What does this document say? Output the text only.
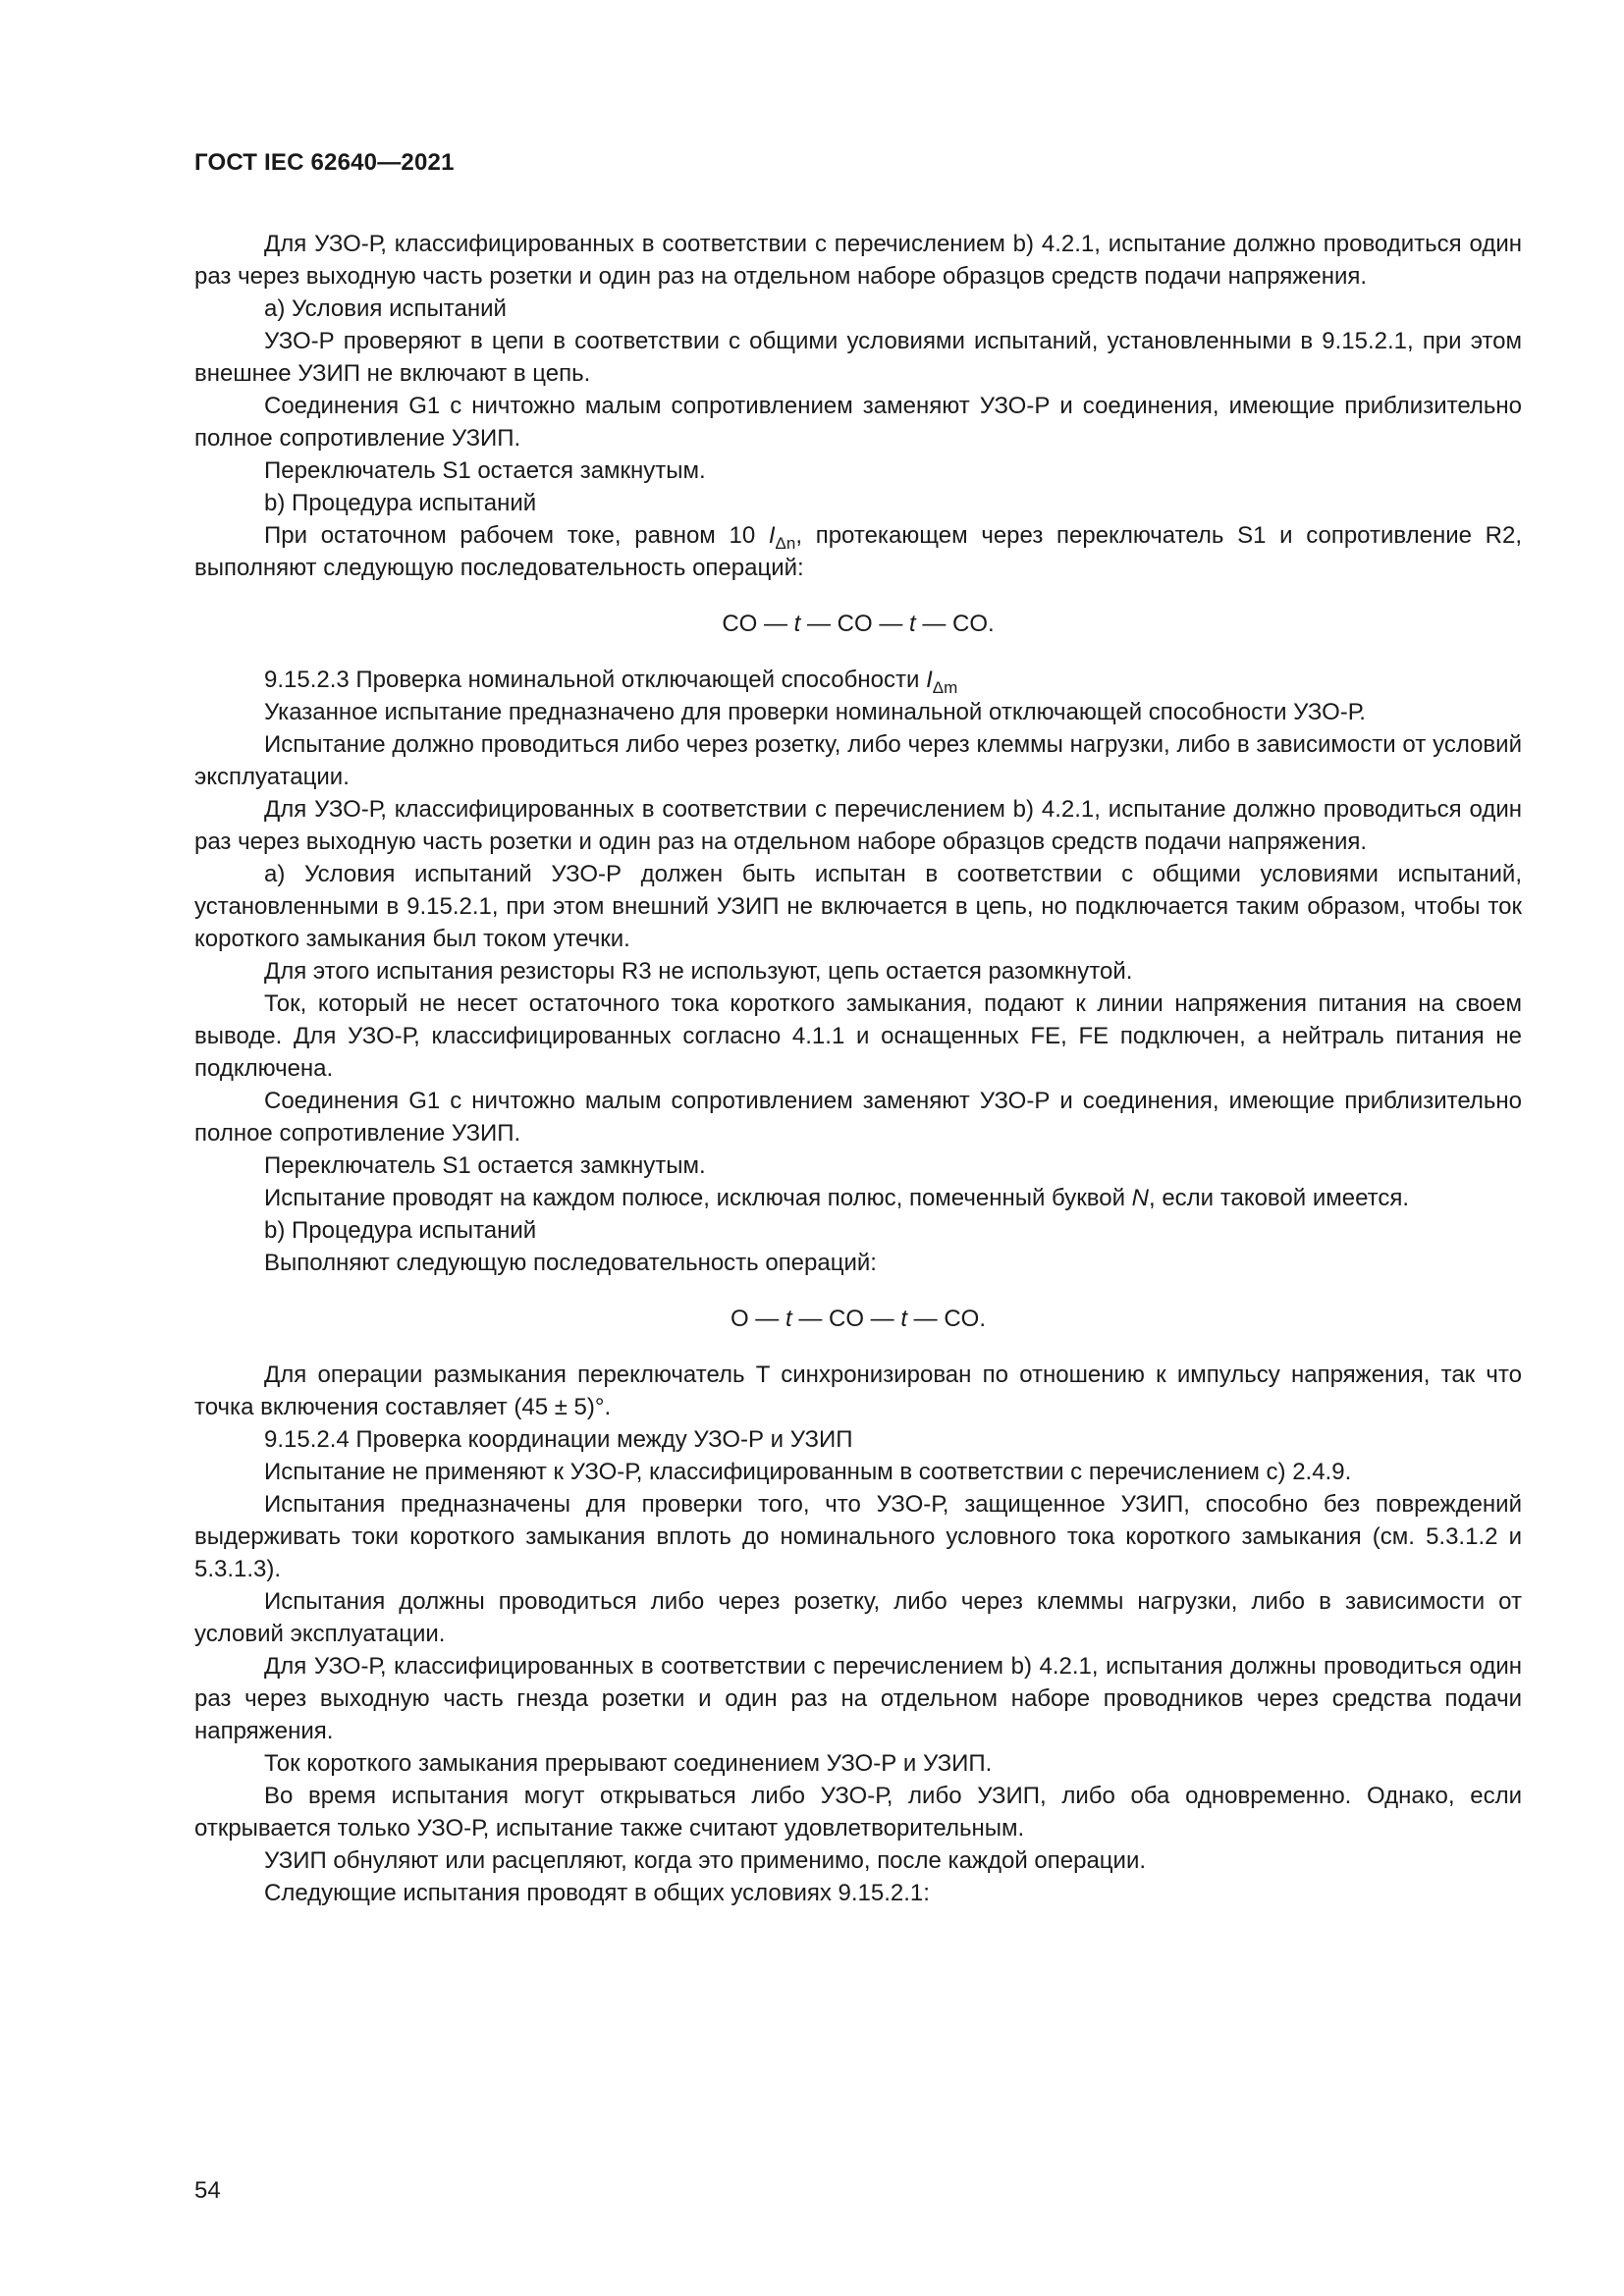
ГОСТ IEC 62640—2021

Для УЗО-Р, классифицированных в соответствии с перечислением b) 4.2.1, испытание должно проводиться один раз через выходную часть розетки и один раз на отдельном наборе образцов средств подачи напряжения.

a) Условия испытаний

УЗО-Р проверяют в цепи в соответствии с общими условиями испытаний, установленными в 9.15.2.1, при этом внешнее УЗИП не включают в цепь.

Соединения G1 с ничтожно малым сопротивлением заменяют УЗО-Р и соединения, имеющие приблизительно полное сопротивление УЗИП.

Переключатель S1 остается замкнутым.

b) Процедура испытаний

При остаточном рабочем токе, равном 10 $I_{\Delta n}$, протекающем через переключатель S1 и сопротивление R2, выполняют следующую последовательность операций:

CO — t — CO — t — CO.

9.15.2.3 Проверка номинальной отключающей способности $I_{\Delta m}$

Указанное испытание предназначено для проверки номинальной отключающей способности УЗО-Р.

Испытание должно проводиться либо через розетку, либо через клеммы нагрузки, либо в зависимости от условий эксплуатации.

Для УЗО-Р, классифицированных в соответствии с перечислением b) 4.2.1, испытание должно проводиться один раз через выходную часть розетки и один раз на отдельном наборе образцов средств подачи напряжения.

a) Условия испытаний УЗО-Р должен быть испытан в соответствии с общими условиями испытаний, установленными в 9.15.2.1, при этом внешний УЗИП не включается в цепь, но подключается таким образом, чтобы ток короткого замыкания был током утечки.

Для этого испытания резисторы R3 не используют, цепь остается разомкнутой.

Ток, который не несет остаточного тока короткого замыкания, подают к линии напряжения питания на своем выводе. Для УЗО-Р, классифицированных согласно 4.1.1 и оснащенных FE, FE подключен, а нейтраль питания не подключена.

Соединения G1 с ничтожно малым сопротивлением заменяют УЗО-Р и соединения, имеющие приблизительно полное сопротивление УЗИП.

Переключатель S1 остается замкнутым.

Испытание проводят на каждом полюсе, исключая полюс, помеченный буквой N, если таковой имеется.

b) Процедура испытаний

Выполняют следующую последовательность операций:

O — t — CO — t — CO.

Для операции размыкания переключатель T синхронизирован по отношению к импульсу напряжения, так что точка включения составляет (45 ± 5)°.

9.15.2.4 Проверка координации между УЗО-Р и УЗИП

Испытание не применяют к УЗО-Р, классифицированным в соответствии с перечислением c) 2.4.9.

Испытания предназначены для проверки того, что УЗО-Р, защищенное УЗИП, способно без повреждений выдерживать токи короткого замыкания вплоть до номинального условного тока короткого замыкания (см. 5.3.1.2 и 5.3.1.3).

Испытания должны проводиться либо через розетку, либо через клеммы нагрузки, либо в зависимости от условий эксплуатации.

Для УЗО-Р, классифицированных в соответствии с перечислением b) 4.2.1, испытания должны проводиться один раз через выходную часть гнезда розетки и один раз на отдельном наборе проводников через средства подачи напряжения.

Ток короткого замыкания прерывают соединением УЗО-Р и УЗИП.

Во время испытания могут открываться либо УЗО-Р, либо УЗИП, либо оба одновременно. Однако, если открывается только УЗО-Р, испытание также считают удовлетворительным.

УЗИП обнуляют или расцепляют, когда это применимо, после каждой операции.

Следующие испытания проводят в общих условиях 9.15.2.1:

54
